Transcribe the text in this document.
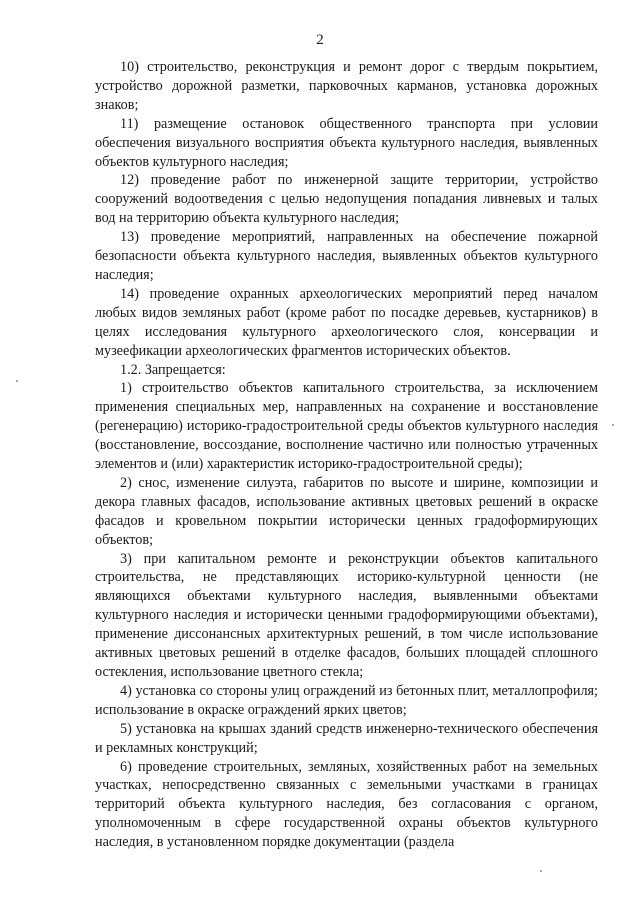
2

10) строительство, реконструкция и ремонт дорог с твердым покрытием, устройство дорожной разметки, парковочных карманов, установка дорожных знаков;

11) размещение остановок общественного транспорта при условии обеспечения визуального восприятия объекта культурного наследия, выявленных объектов культурного наследия;

12) проведение работ по инженерной защите территории, устройство сооружений водоотведения с целью недопущения попадания ливневых и талых вод на территорию объекта культурного наследия;

13) проведение мероприятий, направленных на обеспечение пожарной безопасности объекта культурного наследия, выявленных объектов культурного наследия;

14) проведение охранных археологических мероприятий перед началом любых видов земляных работ (кроме работ по посадке деревьев, кустарников) в целях исследования культурного археологического слоя, консервации и музеефикации археологических фрагментов исторических объектов.

1.2. Запрещается:

1) строительство объектов капитального строительства, за исключением применения специальных мер, направленных на сохранение и восстановление (регенерацию) историко-градостроительной среды объектов культурного наследия (восстановление, воссоздание, восполнение частично или полностью утраченных элементов и (или) характеристик историко-градостроительной среды);

2) снос, изменение силуэта, габаритов по высоте и ширине, композиции и декора главных фасадов, использование активных цветовых решений в окраске фасадов и кровельном покрытии исторически ценных градоформирующих объектов;

3) при капитальном ремонте и реконструкции объектов капитального строительства, не представляющих историко-культурной ценности (не являющихся объектами культурного наследия, выявленными объектами культурного наследия и исторически ценными градоформирующими объектами), применение диссонансных архитектурных решений, в том числе использование активных цветовых решений в отделке фасадов, больших площадей сплошного остекления, использование цветного стекла;

4) установка со стороны улиц ограждений из бетонных плит, металлопрофиля; использование в окраске ограждений ярких цветов;

5) установка на крышах зданий средств инженерно-технического обеспечения и рекламных конструкций;

6) проведение строительных, земляных, хозяйственных работ на земельных участках, непосредственно связанных с земельными участками в границах территорий объекта культурного наследия, без согласования с органом, уполномоченным в сфере государственной охраны объектов культурного наследия, в установленном порядке документации (раздела
